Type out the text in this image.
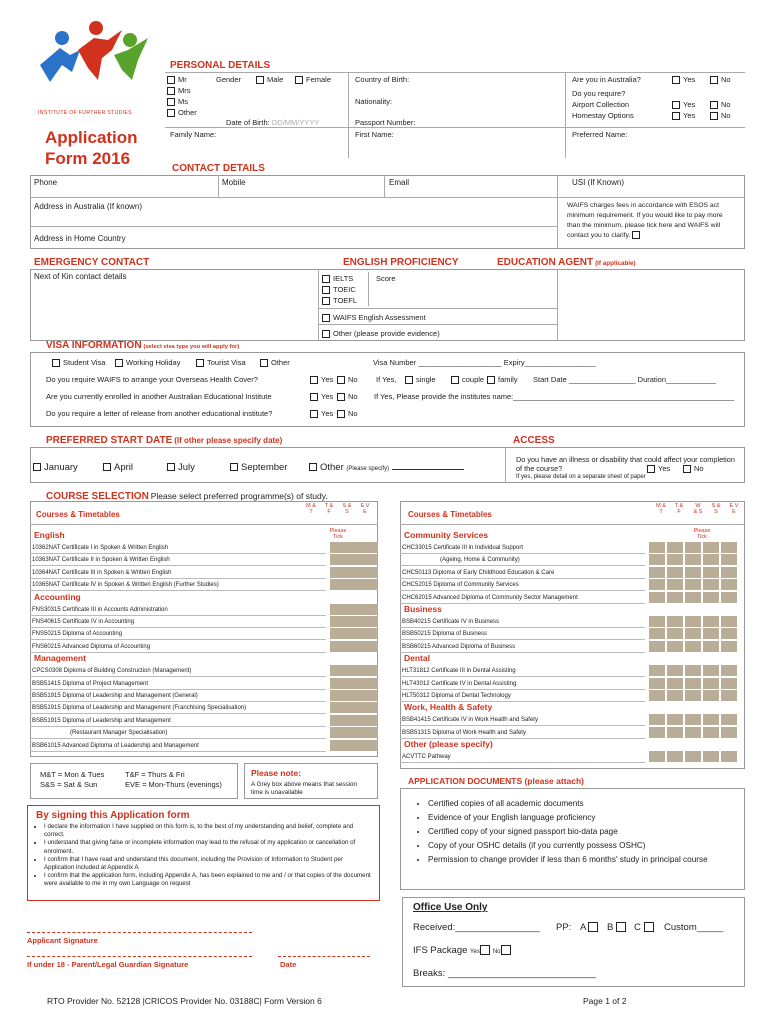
INSTITUTE OF FURTHER STUDIES
Application
Form 2016
PERSONAL DETAILS
Mr
Mrs
Ms
Other
Gender	Male	Female
Date of Birth: DD/MM/YYYY
Family Name:
Country of Birth:
Nationality:
Passport Number:
First Name:
Are you in Australia?	Yes	No
Do you require?
Airport Collection	Yes	No
Homestay Options	Yes	No
Preferred Name:
CONTACT DETAILS
Phone	Mobile	Email	USI (If Known)
Address in Australia (If known)
Address in Home Country
WAIFS charges fees in accordance with ESOS act minimum requirement. If you would like to pay more than the minimum, please tick here and WAIFS will contact you to clarify.
EMERGENCY CONTACT	ENGLISH PROFICIENCY	EDUCATION AGENT (If applicable)
Next of Kin contact details	IELTS
TOEIC
TOEFL
Score
WAIFS English Assessment
Other (please provide evidence)
VISA INFORMATION (select visa type you will apply for)
Student Visa	Working Holiday	Tourist Visa	Other	Visa Number ____________________ Expiry_________________
Do you require WAIFS to arrange your Overseas Health Cover?	Yes	No If Yes,	single	couple	family Start Date ________________ Duration____________
Are you currently enrolled in another Australian Educational Institute	Yes	No If Yes, Please provide the institutes name:_____________________________________________________
Do you require a letter of release from another educational institute?	Yes	No
PREFERRED START DATE (If other please specify date)	ACCESS
January	April	July	September	Other (Please specify)
Do you have an illness or disability that could affect your completion of the course?	Yes	No
If yes, please detail on a separate sheet of paper
COURSE SELECTION Please select preferred programme(s) of study.
Courses & Timetables
M & T
T & F
S & S
E V E
Please Tick
English
10362NAT Certificate I in Spoken & Written English
10363NAT Certificate II in Spoken & Written English
10364NAT Certificate III in Spoken & Written English
10365NAT Certificate IV in Spoken & Written English (Further Studies)
Accounting
FNS30315 Certificate III in Accounts Administration
FNS40615 Certificate IV in Accounting
FNS50215 Diploma of Accounting
FNS60215 Advanced Diploma of Accounting
Management
CPCS0308 Diploma of Building Construction (Management)
BSB51415 Diploma of Project Management
BSB51915 Diploma of Leadership and Management (General)
BSB51915 Diploma of Leadership and Management (Franchising Specialisation)
BSB51915 Diploma of Leadership and Management
(Restaurant Manager Specialisation)
BSB61015 Advanced Diploma of Leadership and Management
Courses & Timetables
M & T
T & F
W & S
S & S
E V E
Please Tick
Community Services
CHC33015 Certificate III in Individual Support
(Ageing, Home & Community)
CHC50113 Diploma of Early Childhood Education & Care
CHC52015 Diploma of Community Services
CHC62015 Advanced Diploma of Community Sector Management
Business
BSB40215 Certificate IV in Business
BSB50215 Diploma of Business
BSB60215 Advanced Diploma of Business
Dental
HLT31812 Certificate III in Dental Assisting
HLT43012 Certificate IV in Dental Assisting
HLT50312 Diploma of Dental Technology
Work, Health & Safety
BSB41415 Certificate IV in Work Health and Safety
BSB51315 Diploma of Work Health and Safety
Other (please specify)
ACVTTC Pathway
M&T = Mon & Tues
S&S = Sat & Sun
T&F = Thurs & Fri
EVE = Mon-Thurs (evenings)
Please note:
A Grey box above means that session time is unavailable
APPLICATION DOCUMENTS (please attach)
• Certified copies of all academic documents
• Evidence of your English language proficiency
• Certified copy of your signed passport bio-data page
• Copy of your OSHC details (if you currently possess OSHC)
• Permission to change provider if less than 6 months' study in principal course
By signing this Application form
• I declare the information I have supplied on this form is, to the best of my understanding and belief, complete and correct.
• I understand that giving false or incomplete information may lead to the refusal of my application or cancellation of enrolment.
• I confirm that I have read and understand this document, including the Provision of Information to Student per Application included at Appendix A
• I confirm that the application form, including Appendix A, has been explained to me and / or that copies of the document were available to me in my own Language on request
Applicant Signature
If under 18 - Parent/Legal Guardian Signature	Date
Office Use Only
Received:________________ PP: A	B	C	Custom_____
IFS Package Yes No
Breaks: ____________________________
RTO Provider No. 52128 |CRICOS Provider No. 03188C| Form Version 6	Page 1 of 2
